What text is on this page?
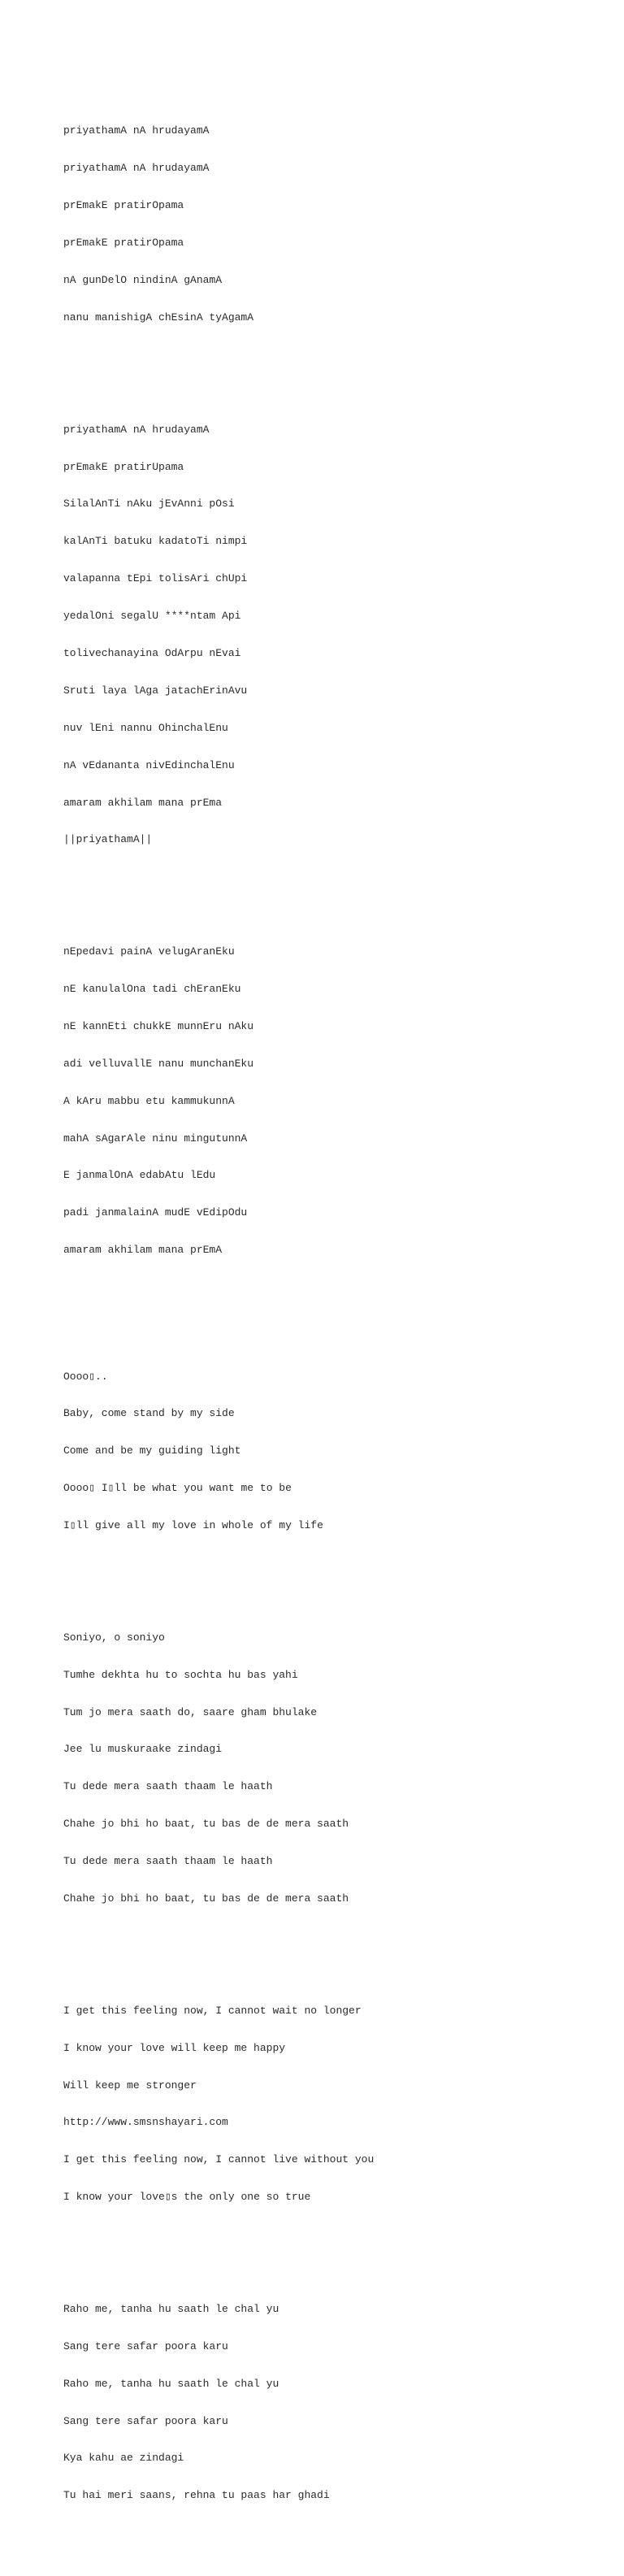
priyathamA nA hrudayamA

priyathamA nA hrudayamA

prEmakE pratirOpama

prEmakE pratirOpama

nA gunDelO nindinA gAnamA

nanu manishigA chEsinA tyAgamA

priyathamA nA hrudayamA

prEmakE pratirUpama

SilalAnTi nAku jEvAnni pOsi

kalAnTi batuku kadatoTi nimpi

valapanna tEpi tolisAri chUpi

yedalOni segalU ****ntam Api

tolivechanayina OdArpu nEvai

Sruti laya lAga jatachErinAvu

nuv lEni nannu OhinchalEnu

nA vEdananta nivEdinchalEnu

amaram akhilam mana prEma

||priyathamA||

nEpedavi painA velugAranEku

nE kanulalOna tadi chEranEku

nE kannEti chukkE munnEru nAku

adi velluvallE nanu munchanEku

A kAru mabbu etu kammukunnA

mahA sAgarAle ninu mingutunnA

E janmalOnA edabAtu lEdu

padi janmalainA mudE vEdipOdu

amaram akhilam mana prEmA

Oooo▯..

Baby, come stand by my side

Come and be my guiding light

Oooo▯ I▯ll be what you want me to be

I▯ll give all my love in whole of my life

Soniyo, o soniyo

Tumhe dekhta hu to sochta hu bas yahi

Tum jo mera saath do, saare gham bhulake

Jee lu muskuraake zindagi

Tu dede mera saath thaam le haath

Chahe jo bhi ho baat, tu bas de de mera saath

Tu dede mera saath thaam le haath

Chahe jo bhi ho baat, tu bas de de mera saath

I get this feeling now, I cannot wait no longer

I know your love will keep me happy

Will keep me stronger

http://www.smsnshayari.com

I get this feeling now, I cannot live without you

I know your love▯s the only one so true

Raho me, tanha hu saath le chal yu

Sang tere safar poora karu

Raho me, tanha hu saath le chal yu

Sang tere safar poora karu

Kya kahu ae zindagi

Tu hai meri saans, rehna tu paas har ghadi
